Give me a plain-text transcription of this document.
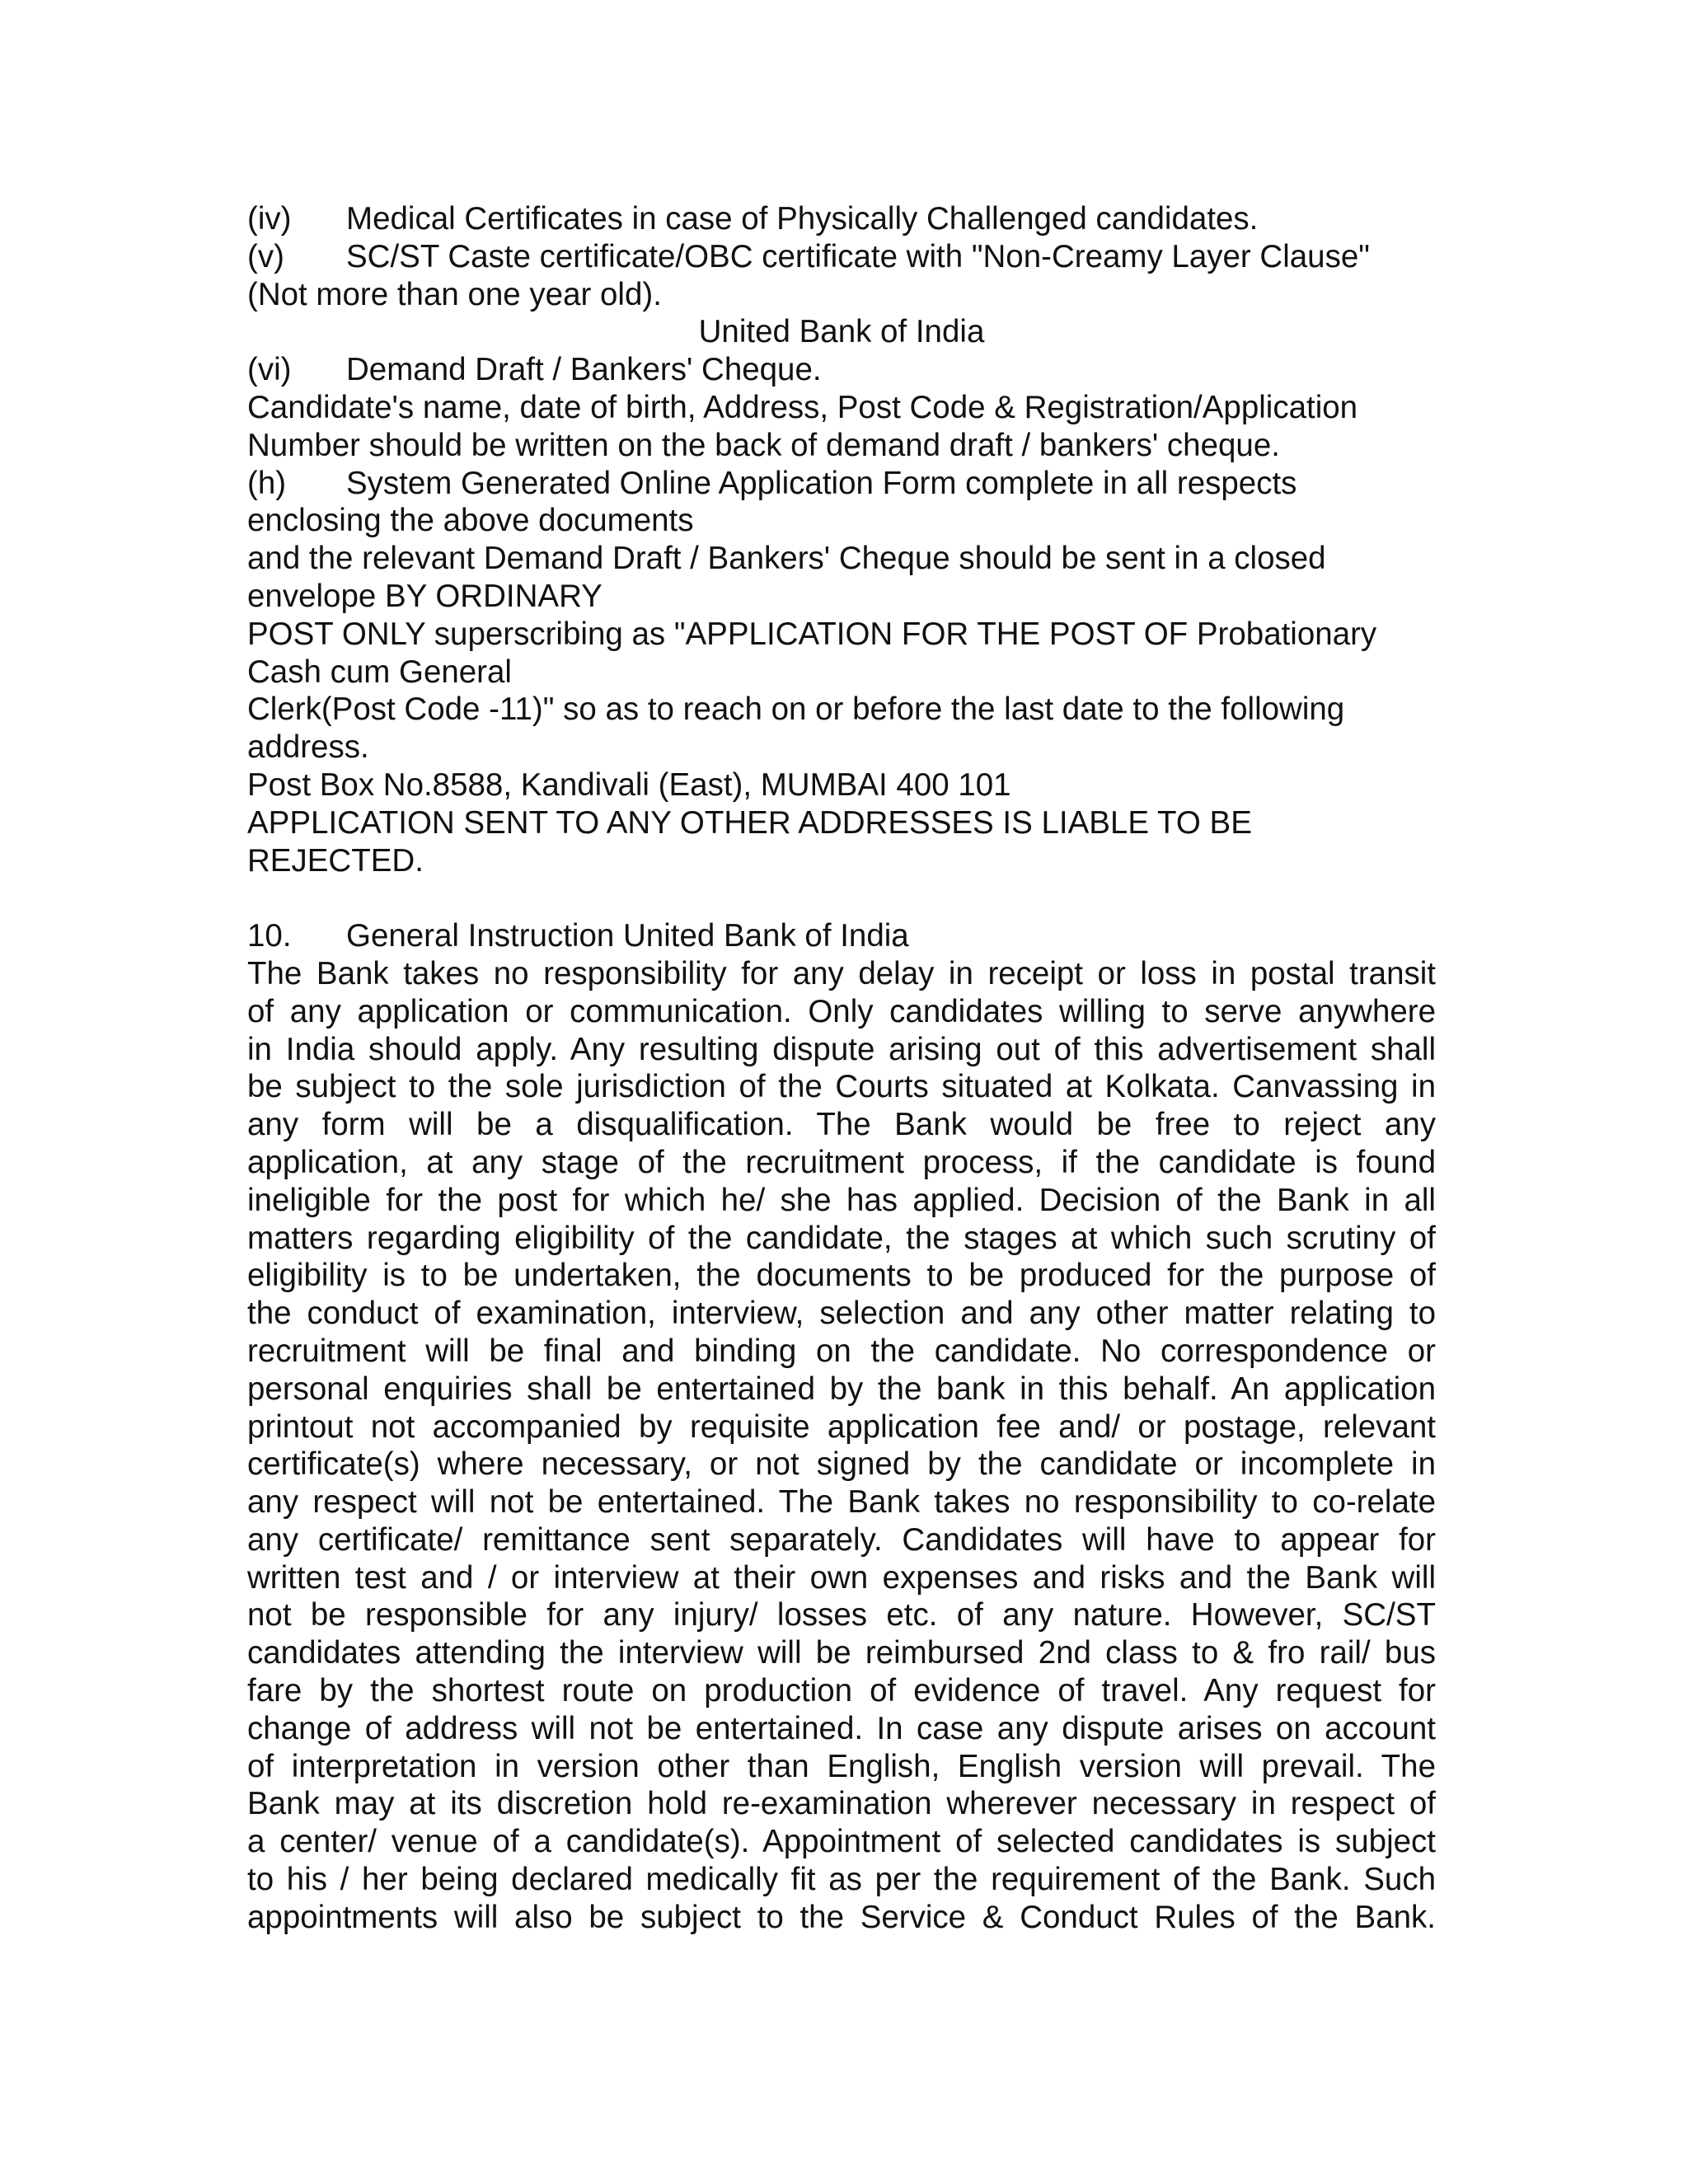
(iv) Medical Certificates in case of Physically Challenged candidates.
(v) SC/ST Caste certificate/OBC certificate with "Non-Creamy Layer Clause"
(Not more than one year old).
United Bank of India
(vi) Demand Draft / Bankers' Cheque.
Candidate's name, date of birth, Address, Post Code & Registration/Application
Number should be written on the back of demand draft / bankers' cheque.
(h) System Generated Online Application Form complete in all respects
enclosing the above documents
and the relevant Demand Draft / Bankers' Cheque should be sent in a closed
envelope BY ORDINARY
POST ONLY superscribing as "APPLICATION FOR THE POST OF Probationary
Cash cum General
Clerk(Post Code -11)" so as to reach on or before the last date to the following
address.
Post Box No.8588, Kandivali (East), MUMBAI 400 101
APPLICATION SENT TO ANY OTHER ADDRESSES IS LIABLE TO BE
REJECTED.
10. General Instruction United Bank of India
The Bank takes no responsibility for any delay in receipt or loss in postal transit
of any application or communication. Only candidates willing to serve anywhere
in India should apply. Any resulting dispute arising out of this advertisement shall
be subject to the sole jurisdiction of the Courts situated at Kolkata. Canvassing in
any form will be a disqualification. The Bank would be free to reject any
application, at any stage of the recruitment process, if the candidate is found
ineligible for the post for which he/ she has applied. Decision of the Bank in all
matters regarding eligibility of the candidate, the stages at which such scrutiny of
eligibility is to be undertaken, the documents to be produced for the purpose of
the conduct of examination, interview, selection and any other matter relating to
recruitment will be final and binding on the candidate. No correspondence or
personal enquiries shall be entertained by the bank in this behalf. An application
printout not accompanied by requisite application fee and/ or postage, relevant
certificate(s) where necessary, or not signed by the candidate or incomplete in
any respect will not be entertained. The Bank takes no responsibility to co-relate
any certificate/ remittance sent separately. Candidates will have to appear for
written test and / or interview at their own expenses and risks and the Bank will
not be responsible for any injury/ losses etc. of any nature. However, SC/ST
candidates attending the interview will be reimbursed 2nd class to & fro rail/ bus
fare by the shortest route on production of evidence of travel. Any request for
change of address will not be entertained. In case any dispute arises on account
of interpretation in version other than English, English version will prevail. The
Bank may at its discretion hold re-examination wherever necessary in respect of
a center/ venue of a candidate(s). Appointment of selected candidates is subject
to his / her being declared medically fit as per the requirement of the Bank. Such
appointments will also be subject to the Service & Conduct Rules of the Bank.
